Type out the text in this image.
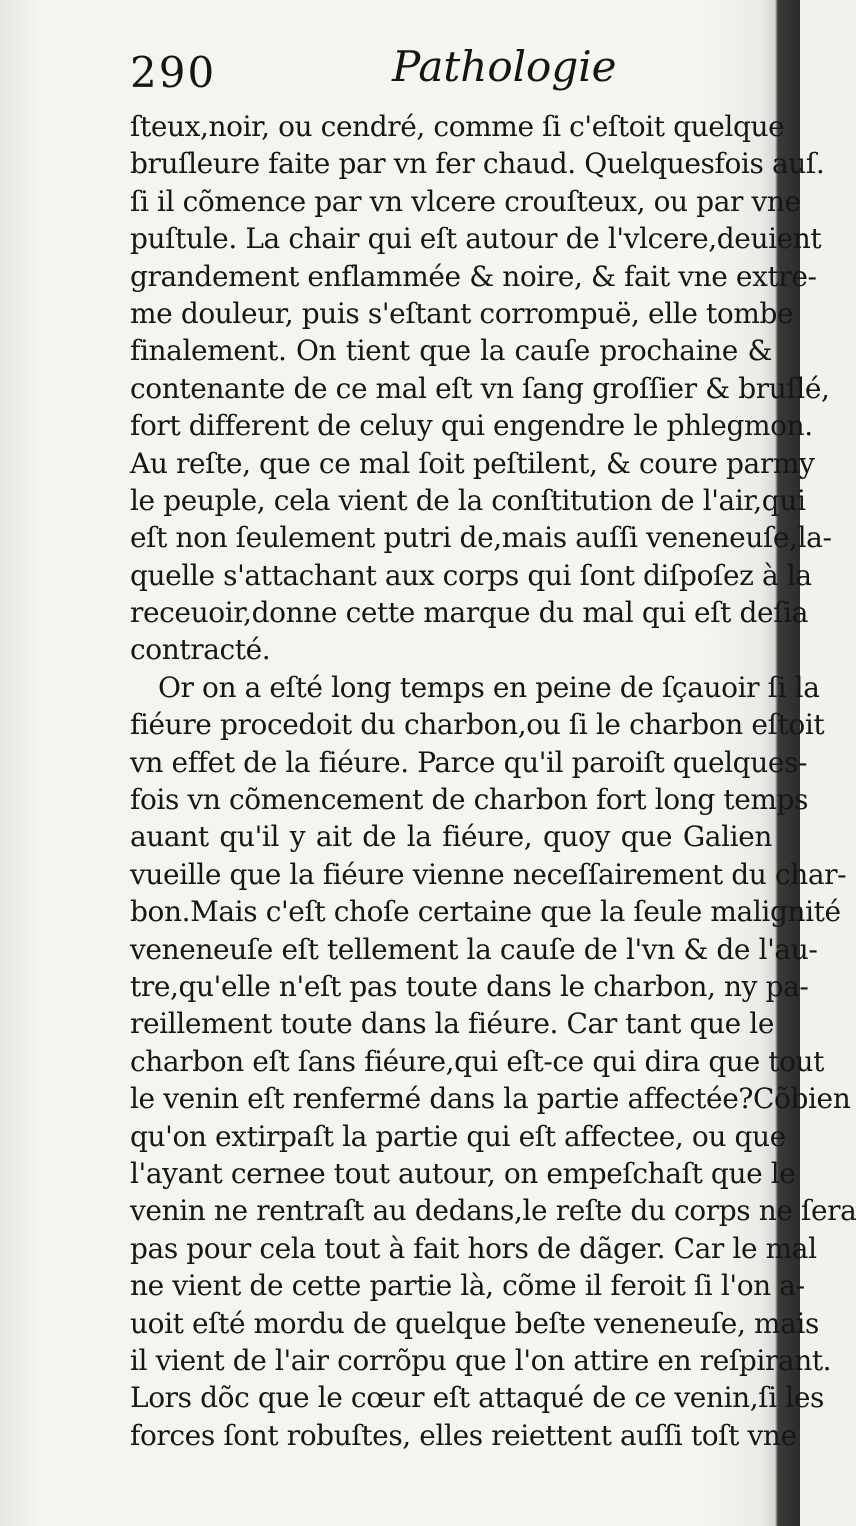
290	Pathologie
ſteux,noir, ou cendré, comme ſi c'eſtoit quelque
bruſleure faite par vn fer chaud. Quelquesfois auſ.
ſi il cõmence par vn vlcere crouſteux, ou par vne
puſtule. La chair qui eſt autour de l'vlcere,deuient
grandement enflammée & noire, & fait vne extre-
me douleur, puis s'eſtant corrompuë, elle tombe
finalement. On tient que la cauſe prochaine &
contenante de ce mal eſt vn ſang groſſier & bruſlé,
fort different de celuy qui engendre le phlegmon.
Au reſte, que ce mal ſoit peſtilent, & coure parmy
le peuple, cela vient de la conſtitution de l'air,qui
eſt non ſeulement putri de,mais auſſi veneneuſe,la-
quelle s'attachant aux corps qui ſont diſpoſez à la
receuoir,donne cette marque du mal qui eſt deſia
contracté.
Or on a eſté long temps en peine de ſçauoir ſi la
fiéure procedoit du charbon,ou ſi le charbon eſtoit
vn effet de la fiéure. Parce qu'il paroiſt quelques-
fois vn cõmencement de charbon fort long temps
auant qu'il y ait de la fiéure, quoy que Galien
vueille que la fiéure vienne neceſſairement du char-
bon.Mais c'eſt choſe certaine que la ſeule malignité
veneneuſe eſt tellement la cauſe de l'vn & de l'au-
tre,qu'elle n'eſt pas toute dans le charbon, ny pa-
reillement toute dans la fiéure. Car tant que le
charbon eſt ſans fiéure,qui eſt-ce qui dira que tout
le venin eſt renfermé dans la partie affectée?Cõbien
qu'on extirpaſt la partie qui eſt affectee, ou que
l'ayant cernee tout autour, on empeſchaſt que le
venin ne rentraſt au dedans,le reſte du corps ne ſera
pas pour cela tout à fait hors de dãger. Car le mal
ne vient de cette partie là, cõme il feroit ſi l'on a-
uoit eſté mordu de quelque beſte veneneuſe, mais
il vient de l'air corrõpu que l'on attire en reſpirant.
Lors dõc que le cœur eſt attaqué de ce venin,ſi les
forces ſont robuſtes, elles reiettent auſſi toſt vne
